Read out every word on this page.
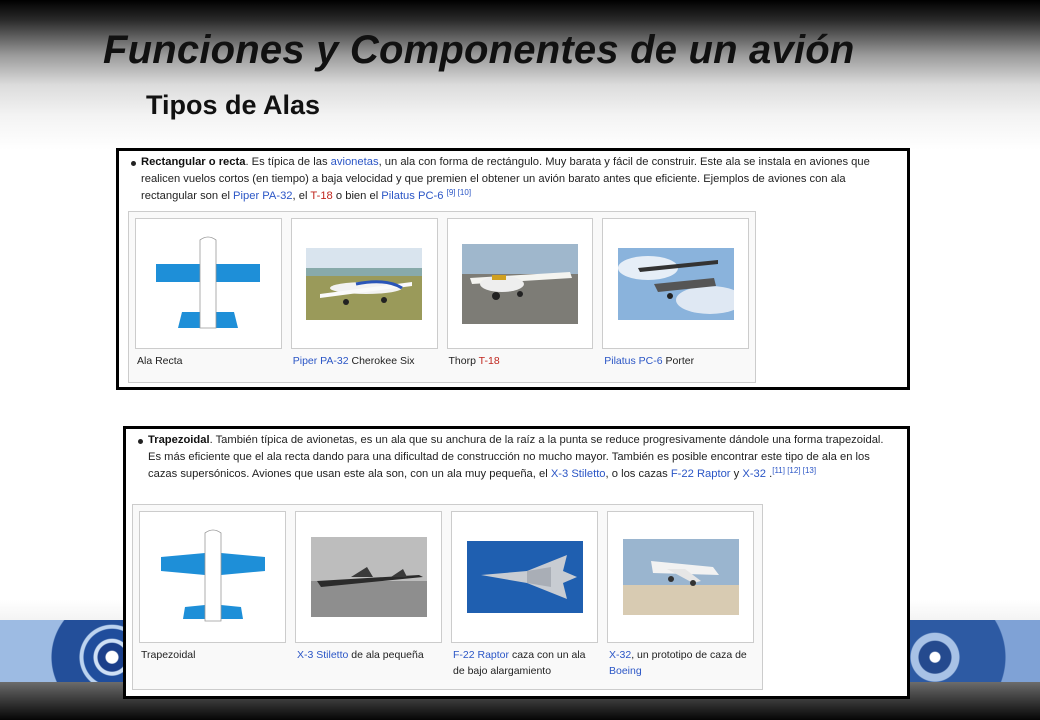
Funciones y Componentes de un avión
Tipos de Alas
Rectangular o recta. Es típica de las avionetas, un ala con forma de rectángulo. Muy barata y fácil de construir. Este ala se instala en aviones que realicen vuelos cortos (en tiempo) a baja velocidad y que premien el obtener un avión barato antes que eficiente. Ejemplos de aviones con ala rectangular son el Piper PA-32, el T-18 o bien el Pilatus PC-6 [9] [10]
Ala Recta	Piper PA-32 Cherokee Six	Thorp T-18	Pilatus PC-6 Porter
Trapezoidal. También típica de avionetas, es un ala que su anchura de la raíz a la punta se reduce progresivamente dándole una forma trapezoidal. Es más eficiente que el ala recta dando para una dificultad de construcción no mucho mayor. También es posible encontrar este tipo de ala en los cazas supersónicos. Aviones que usan este ala son, con un ala muy pequeña, el X-3 Stiletto, o los cazas F-22 Raptor y X-32 .[11] [12] [13]
Trapezoidal	X-3 Stiletto de ala pequeña	F-22 Raptor caza con un ala de bajo alargamiento
X-32, un prototipo de caza de Boeing
